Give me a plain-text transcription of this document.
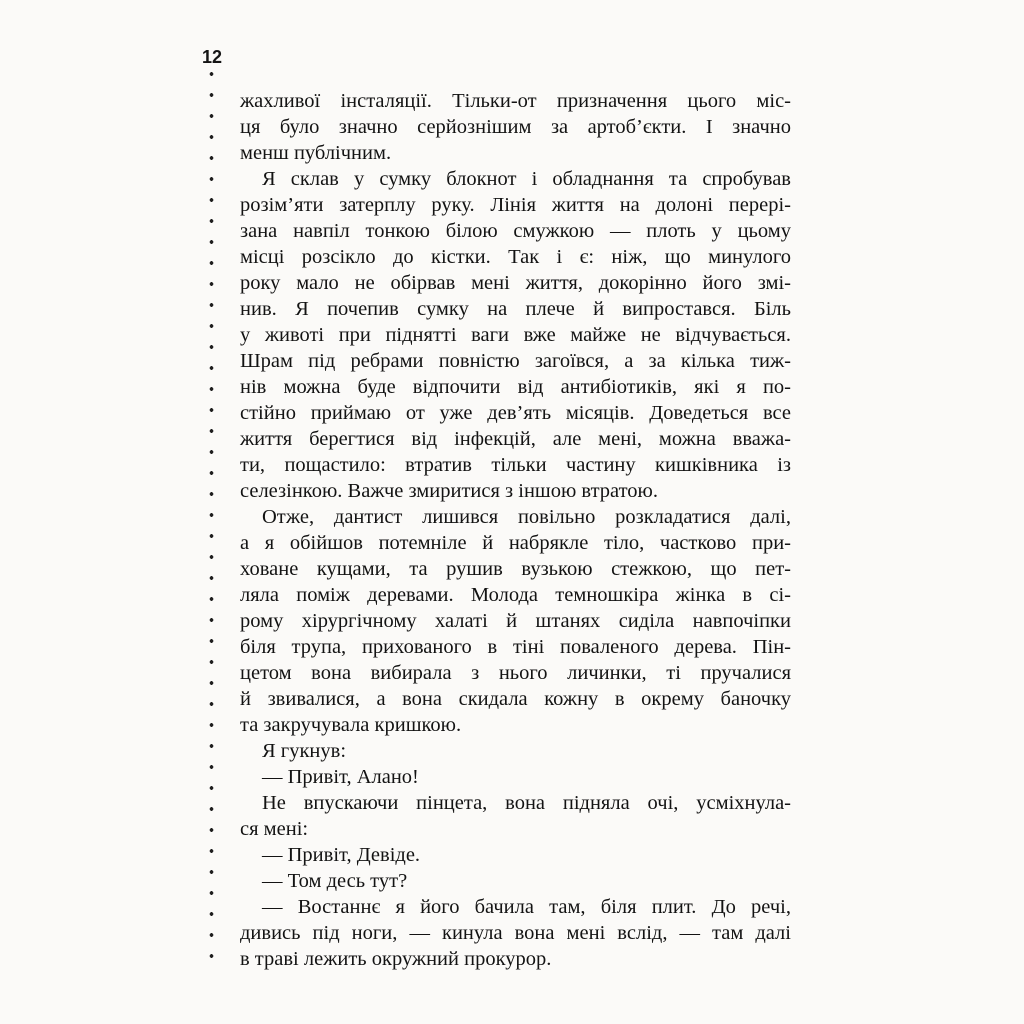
12
жахливої інсталяції. Тільки-от призначення цього міс-
ця було значно серйознішим за артоб’єкти. І значно
менш публічним.
Я склав у сумку блокнот і обладнання та спробував
розім’яти затерплу руку. Лінія життя на долоні перері-
зана навпіл тонкою білою смужкою — плоть у цьому
місці розсікло до кістки. Так і є: ніж, що минулого
року мало не обірвав мені життя, докорінно його змі-
нив. Я почепив сумку на плече й випростався. Біль
у животі при піднятті ваги вже майже не відчувається.
Шрам під ребрами повністю загоївся, а за кілька тиж-
нів можна буде відпочити від антибіотиків, які я по-
стійно приймаю от уже дев’ять місяців. Доведеться все
життя берегтися від інфекцій, але мені, можна вважа-
ти, пощастило: втратив тільки частину кишківника із
селезінкою. Важче змиритися з іншою втратою.
Отже, дантист лишився повільно розкладатися далі,
а я обійшов потемніле й набрякле тіло, частково при-
ховане кущами, та рушив вузькою стежкою, що пет-
ляла поміж деревами. Молода темношкіра жінка в сі-
рому хірургічному халаті й штанях сиділа навпочіпки
біля трупа, прихованого в тіні поваленого дерева. Пін-
цетом вона вибирала з нього личинки, ті пручалися
й звивалися, а вона скидала кожну в окрему баночку
та закручувала кришкою.
Я гукнув:
— Привіт, Алано!
Не впускаючи пінцета, вона підняла очі, усміхнула-
ся мені:
— Привіт, Девіде.
— Том десь тут?
— Востаннє я його бачила там, біля плит. До речі,
дивись під ноги, — кинула вона мені вслід, — там далі
в траві лежить окружний прокурор.
